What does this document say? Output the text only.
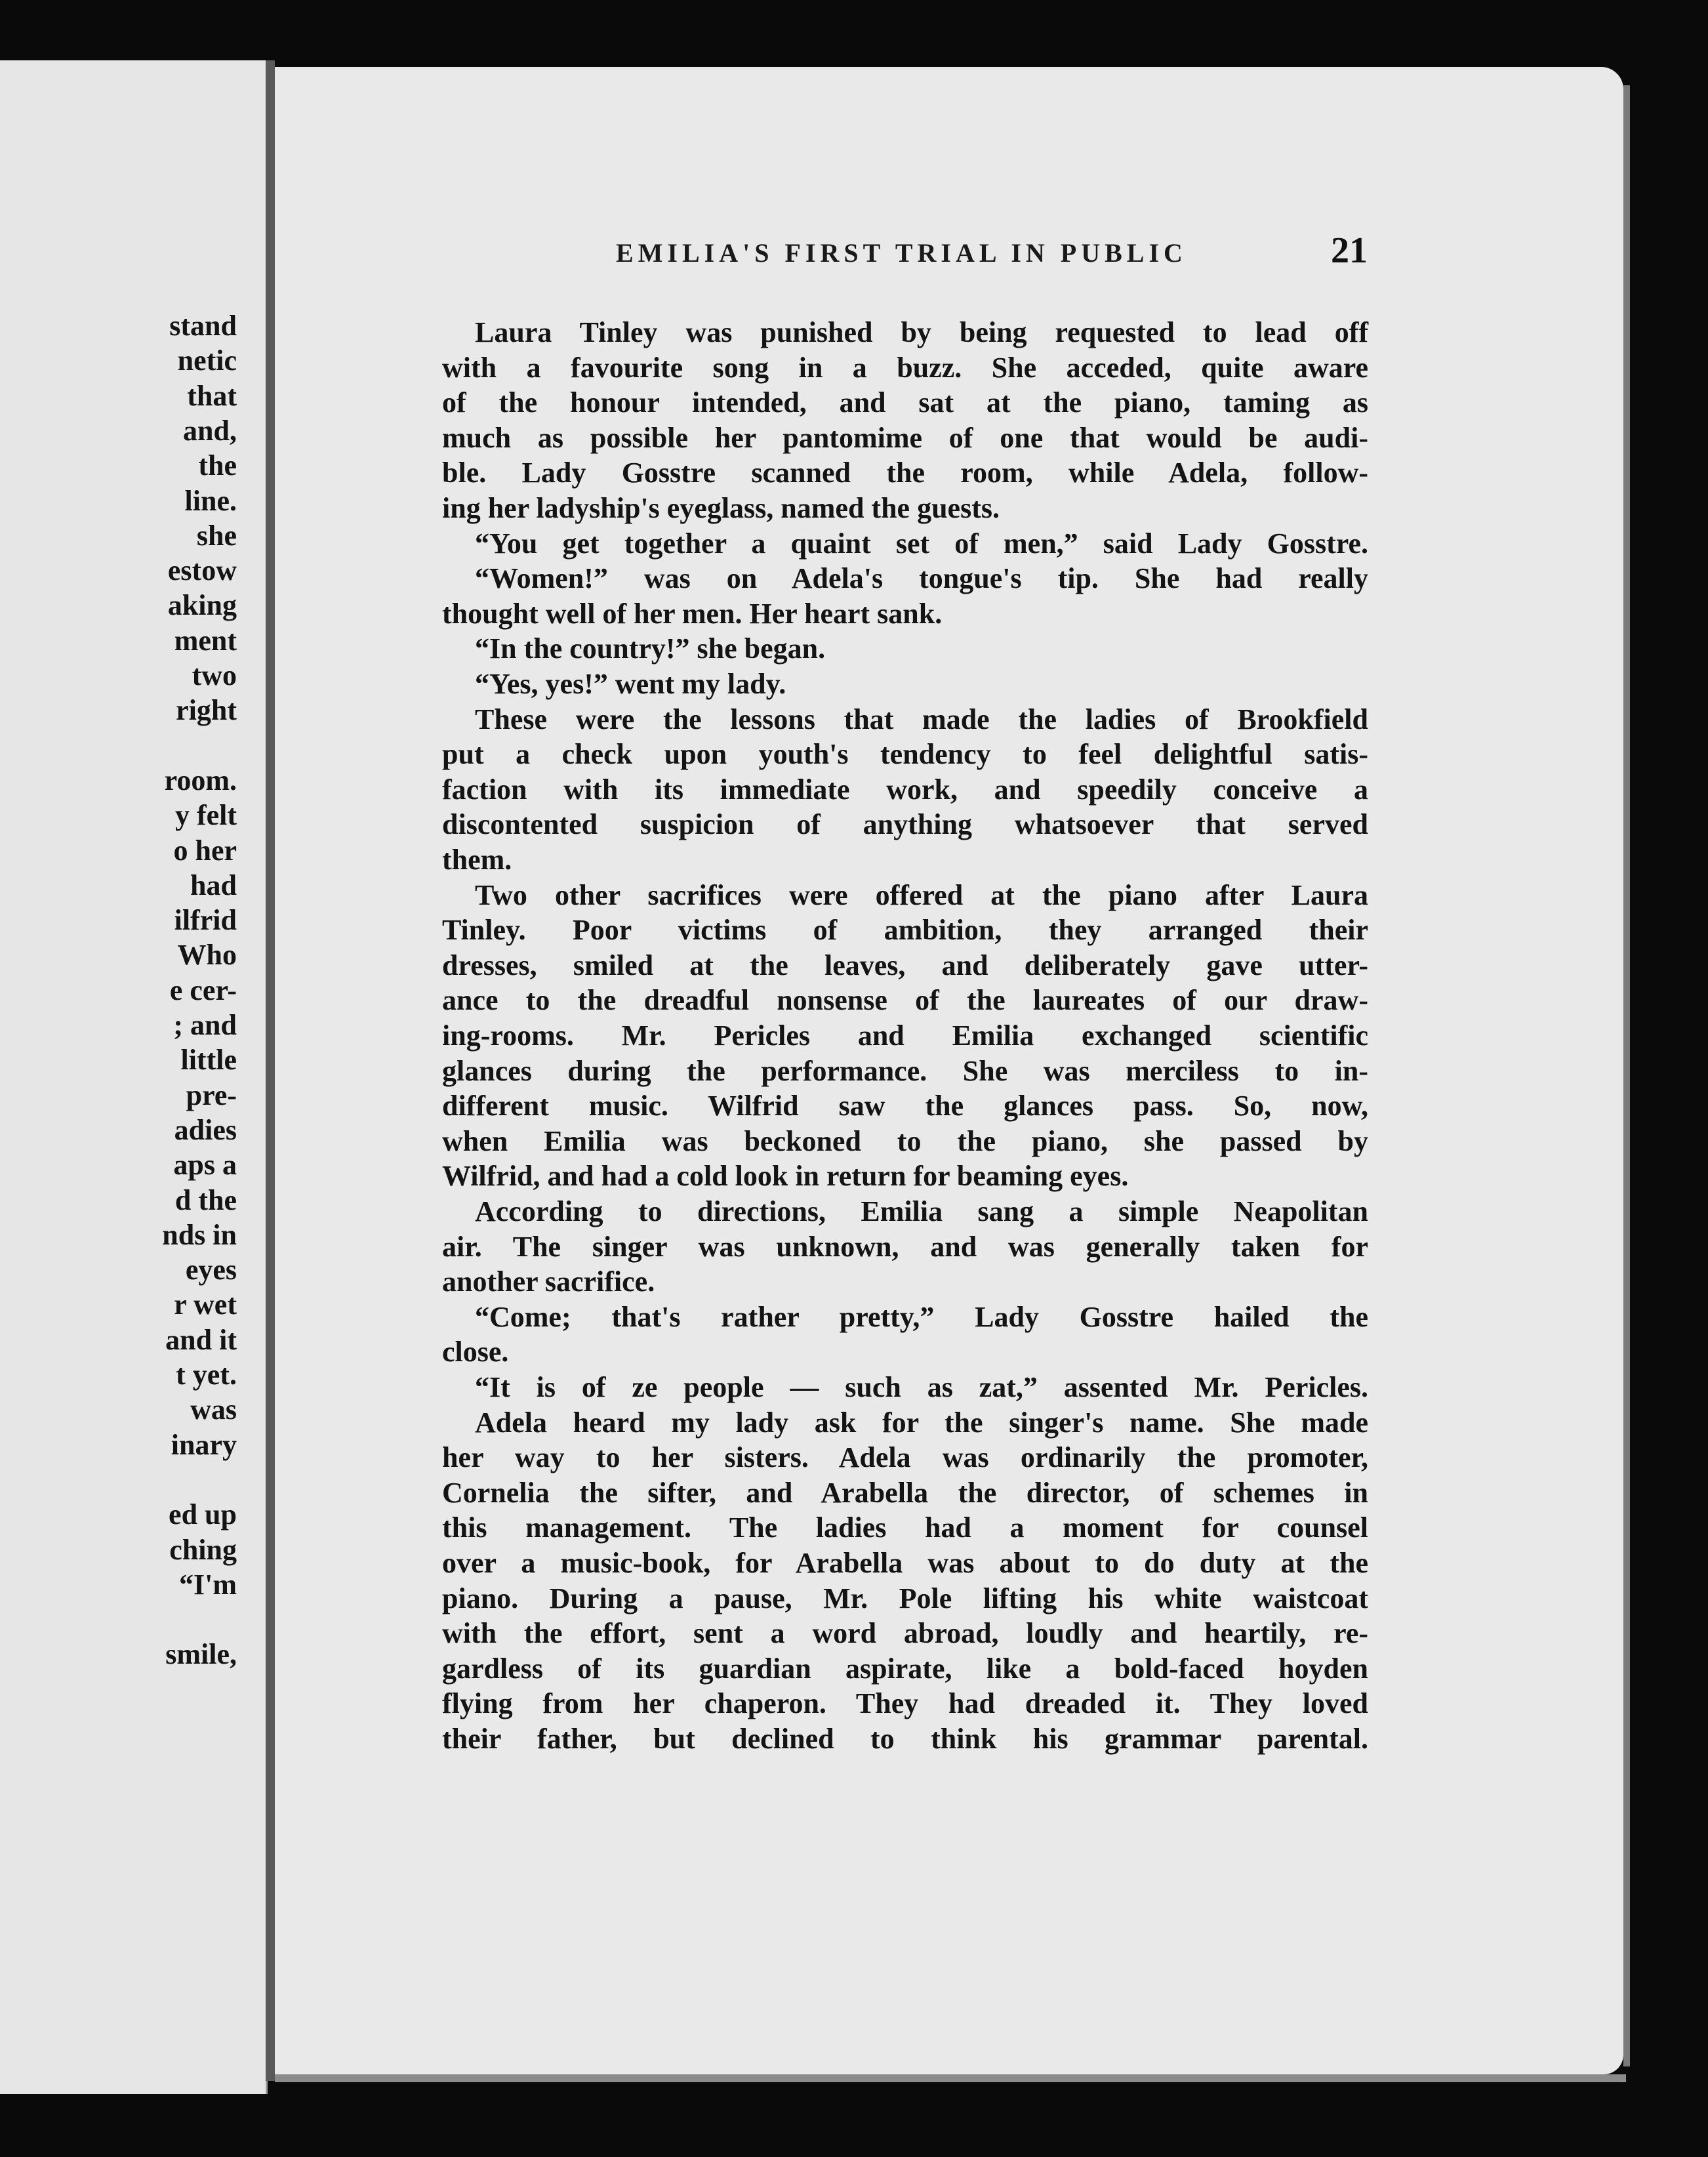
stand
netic
that
and,
the
line.
she
estow
aking
ment
two
right
room.
y felt
o her
had
ilfrid
Who
e cer-
; and
little
pre-
adies
aps a
d the
nds in
eyes
r wet
and it
t yet.
was
inary
ed up
ching
“I'm
smile,
EMILIA'S FIRST TRIAL IN PUBLIC	21
Laura Tinley was punished by being requested to lead off
with a favourite song in a buzz. She acceded, quite aware
of the honour intended, and sat at the piano, taming as
much as possible her pantomime of one that would be audi-
ble. Lady Gosstre scanned the room, while Adela, follow-
ing her ladyship's eyeglass, named the guests.
“You get together a quaint set of men,” said Lady Gosstre.
“Women!” was on Adela's tongue's tip. She had really
thought well of her men. Her heart sank.
“In the country!” she began.
“Yes, yes!” went my lady.
These were the lessons that made the ladies of Brookfield
put a check upon youth's tendency to feel delightful satis-
faction with its immediate work, and speedily conceive a
discontented suspicion of anything whatsoever that served
them.
Two other sacrifices were offered at the piano after Laura
Tinley. Poor victims of ambition, they arranged their
dresses, smiled at the leaves, and deliberately gave utter-
ance to the dreadful nonsense of the laureates of our draw-
ing-rooms. Mr. Pericles and Emilia exchanged scientific
glances during the performance. She was merciless to in-
different music. Wilfrid saw the glances pass. So, now,
when Emilia was beckoned to the piano, she passed by
Wilfrid, and had a cold look in return for beaming eyes.
According to directions, Emilia sang a simple Neapolitan
air. The singer was unknown, and was generally taken for
another sacrifice.
“Come; that's rather pretty,” Lady Gosstre hailed the
close.
“It is of ze people — such as zat,” assented Mr. Pericles.
Adela heard my lady ask for the singer's name. She made
her way to her sisters. Adela was ordinarily the promoter,
Cornelia the sifter, and Arabella the director, of schemes in
this management. The ladies had a moment for counsel
over a music-book, for Arabella was about to do duty at the
piano. During a pause, Mr. Pole lifting his white waistcoat
with the effort, sent a word abroad, loudly and heartily, re-
gardless of its guardian aspirate, like a bold-faced hoyden
flying from her chaperon. They had dreaded it. They loved
their father, but declined to think his grammar parental.
